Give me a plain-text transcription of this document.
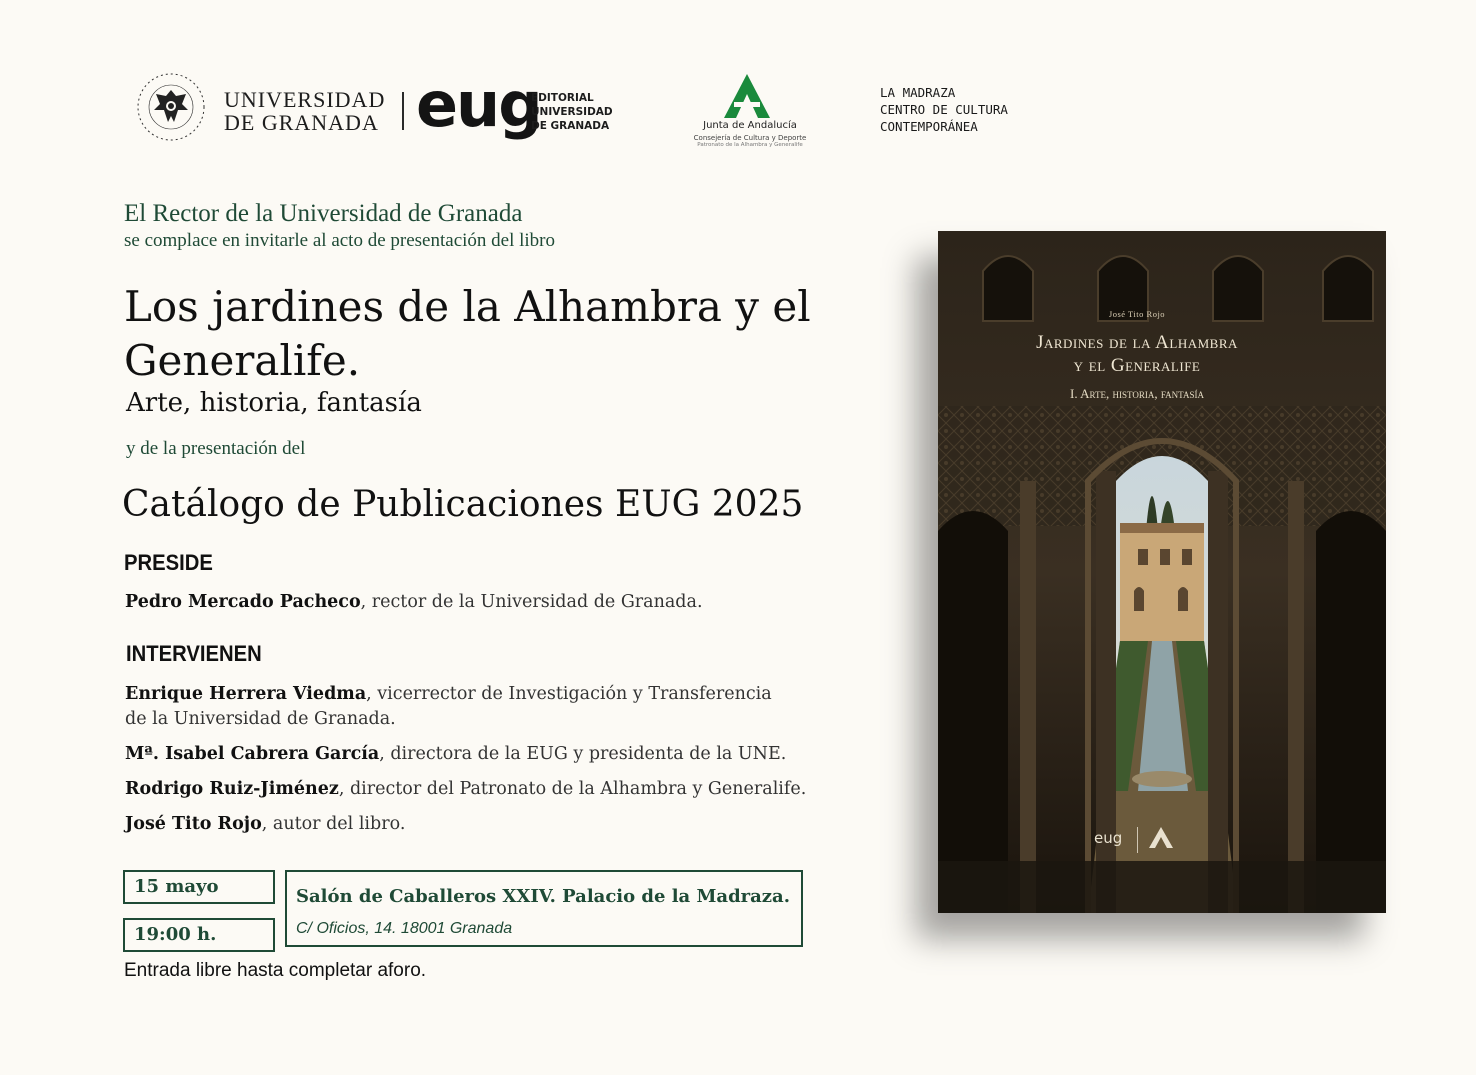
UNIVERSIDAD
DE GRANADA eug
EDITORIAL
UNIVERSIDAD
DE GRANADA	Junta de Andalucía
Consejería de Cultura y Deporte
Patronato de la Alhambra y Generalife
LA MADRAZA
CENTRO DE CULTURA
CONTEMPORÁNEA
El Rector de la Universidad de Granada
se complace en invitarle al acto de presentación del libro
Los jardines de la Alhambra y el Generalife.
Arte, historia, fantasía
y de la presentación del
Catálogo de Publicaciones EUG 2025
PRESIDE
Pedro Mercado Pacheco, rector de la Universidad de Granada.
INTERVIENEN
Enrique Herrera Viedma, vicerrector de Investigación y Transferencia
de la Universidad de Granada.
Mª. Isabel Cabrera García, directora de la EUG y presidenta de la UNE.
Rodrigo Ruiz-Jiménez, director del Patronato de la Alhambra y Generalife.
José Tito Rojo, autor del libro.
15 mayo
19:00 h.
Salón de Caballeros XXIV. Palacio de la Madraza.
C/ Oficios, 14. 18001 Granada
Entrada libre hasta completar aforo.
José Tito Rojo
Jardines de la Alhambra
y el Generalife
I. Arte, historia, fantasía
eug
